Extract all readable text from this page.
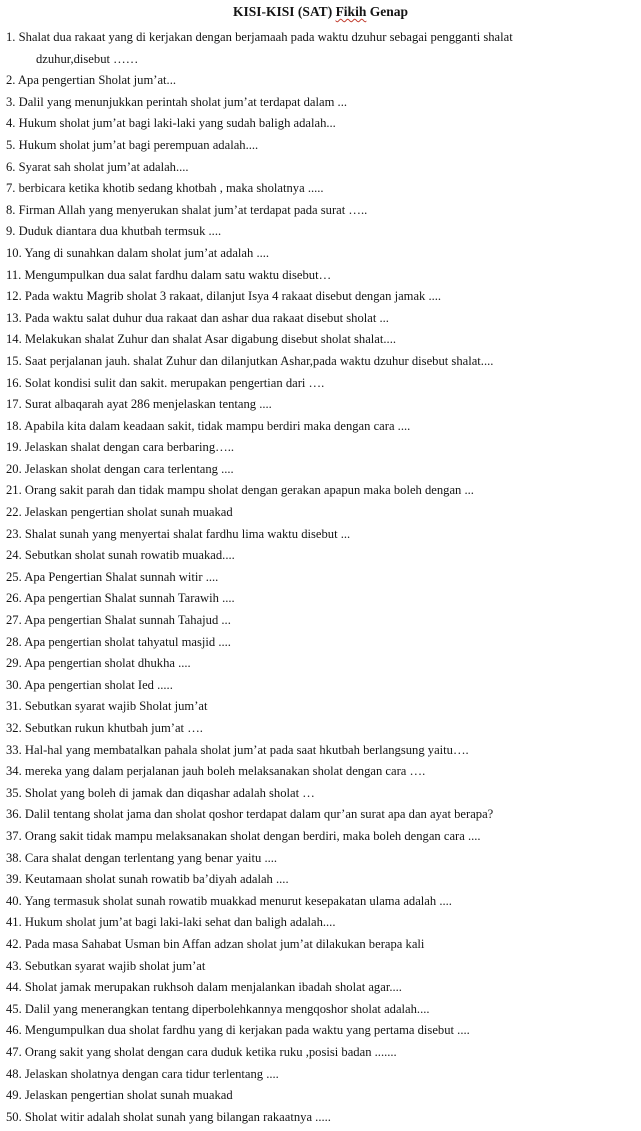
KISI-KISI (SAT) Fikih Genap
1. Shalat dua rakaat yang di kerjakan dengan berjamaah pada waktu dzuhur sebagai pengganti shalat
dzuhur,disebut ……
2. Apa pengertian Sholat jum’at...
3. Dalil yang menunjukkan perintah sholat jum’at terdapat dalam ...
4. Hukum sholat jum’at bagi laki-laki yang sudah baligh adalah...
5. Hukum sholat jum’at bagi perempuan adalah....
6. Syarat sah sholat jum’at adalah....
7. berbicara ketika khotib sedang khotbah , maka sholatnya .....
8. Firman Allah yang menyerukan shalat jum’at terdapat pada surat …..
9. Duduk diantara dua khutbah termsuk ....
10. Yang di sunahkan dalam sholat jum’at adalah ....
11. Mengumpulkan dua salat fardhu dalam satu waktu disebut…
12. Pada waktu Magrib sholat 3 rakaat, dilanjut Isya 4 rakaat disebut dengan jamak ....
13. Pada waktu salat duhur dua rakaat dan ashar dua rakaat disebut sholat ...
14. Melakukan shalat Zuhur dan shalat Asar digabung disebut sholat shalat....
15. Saat perjalanan jauh. shalat Zuhur dan dilanjutkan Ashar,pada waktu dzuhur disebut shalat....
16. Solat kondisi sulit dan sakit. merupakan pengertian dari ….
17. Surat albaqarah ayat 286 menjelaskan tentang ....
18. Apabila kita dalam keadaan sakit, tidak mampu berdiri maka dengan cara ....
19. Jelaskan shalat dengan cara berbaring…..
20. Jelaskan sholat dengan cara terlentang ....
21. Orang sakit parah dan tidak mampu sholat dengan gerakan apapun maka boleh dengan ...
22. Jelaskan pengertian sholat sunah muakad
23. Shalat sunah yang menyertai shalat fardhu lima waktu disebut ...
24. Sebutkan sholat sunah rowatib muakad....
25. Apa Pengertian Shalat sunnah witir ....
26. Apa pengertian Shalat sunnah Tarawih ....
27. Apa pengertian Shalat sunnah Tahajud ...
28. Apa pengertian sholat tahyatul masjid ....
29. Apa pengertian sholat dhukha ....
30. Apa pengertian sholat Ied .....
31. Sebutkan syarat wajib Sholat jum’at
32. Sebutkan rukun khutbah jum’at ….
33. Hal-hal yang membatalkan pahala sholat jum’at pada saat hkutbah berlangsung yaitu….
34. mereka yang dalam perjalanan jauh boleh melaksanakan sholat dengan cara ….
35. Sholat yang boleh di jamak dan diqashar adalah sholat …
36. Dalil tentang sholat jama dan sholat qoshor terdapat dalam qur’an surat apa dan ayat berapa?
37. Orang sakit tidak mampu melaksanakan sholat dengan berdiri, maka boleh dengan cara ....
38. Cara shalat dengan terlentang yang benar yaitu ....
39. Keutamaan sholat sunah rowatib ba’diyah adalah ....
40. Yang termasuk sholat sunah rowatib muakkad menurut kesepakatan ulama adalah ....
41. Hukum sholat jum’at bagi laki-laki sehat dan baligh adalah....
42. Pada masa Sahabat Usman bin Affan adzan sholat jum’at dilakukan berapa kali
43. Sebutkan syarat wajib sholat jum’at
44. Sholat jamak merupakan rukhsoh dalam menjalankan ibadah sholat agar....
45. Dalil yang menerangkan tentang diperbolehkannya mengqoshor sholat adalah....
46. Mengumpulkan dua sholat fardhu yang di kerjakan pada waktu yang pertama disebut ....
47. Orang sakit yang sholat dengan cara duduk ketika ruku ,posisi badan .......
48. Jelaskan sholatnya dengan cara tidur terlentang ....
49. Jelaskan pengertian sholat sunah muakad
50. Sholat witir adalah sholat sunah yang bilangan rakaatnya .....
